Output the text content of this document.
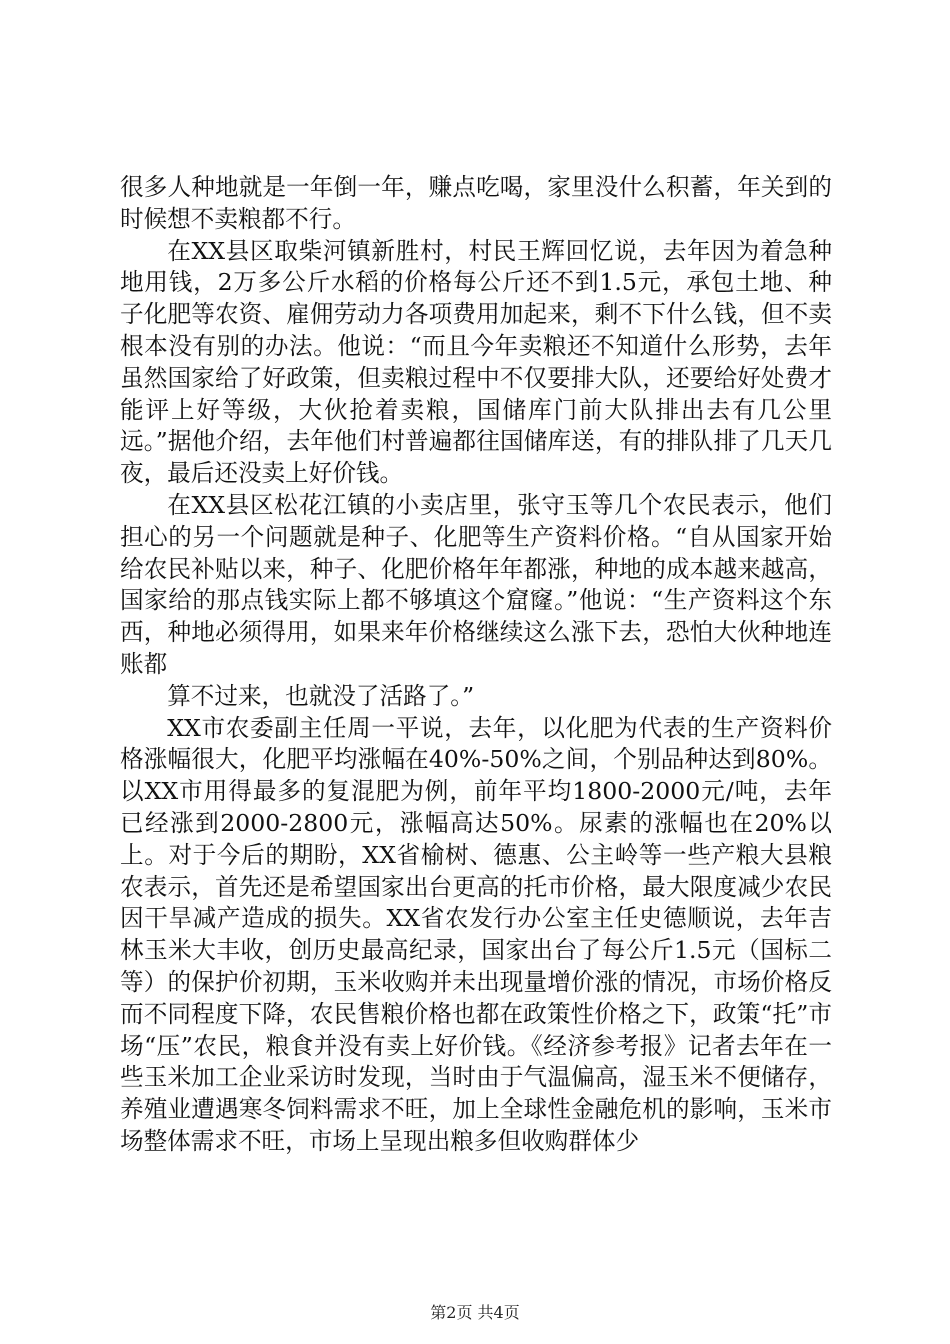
很多人种地就是一年倒一年，赚点吃喝，家里没什么积蓄，年关到的时候想不卖粮都不行。

在XX县区取柴河镇新胜村，村民王辉回忆说，去年因为着急种地用钱，2万多公斤水稻的价格每公斤还不到1.5元，承包土地、种子化肥等农资、雇佣劳动力各项费用加起来，剩不下什么钱，但不卖根本没有别的办法。他说：“而且今年卖粮还不知道什么形势，去年虽然国家给了好政策，但卖粮过程中不仅要排大队，还要给好处费才能评上好等级，大伙抢着卖粮，国储库门前大队排出去有几公里远。”据他介绍，去年他们村普遍都往国储库送，有的排队排了几天几夜，最后还没卖上好价钱。

在XX县区松花江镇的小卖店里，张守玉等几个农民表示，他们担心的另一个问题就是种子、化肥等生产资料价格。“自从国家开始给农民补贴以来，种子、化肥价格年年都涨，种地的成本越来越高，国家给的那点钱实际上都不够填这个窟窿。”他说：“生产资料这个东西，种地必须得用，如果来年价格继续这么涨下去，恐怕大伙种地连账都

算不过来，也就没了活路了。”

XX市农委副主任周一平说，去年，以化肥为代表的生产资料价格涨幅很大，化肥平均涨幅在40%-50%之间，个别品种达到80%。以XX市用得最多的复混肥为例，前年平均1800-2000元/吨，去年已经涨到2000-2800元，涨幅高达50%。尿素的涨幅也在20%以上。对于今后的期盼，XX省榆树、德惠、公主岭等一些产粮大县粮农表示，首先还是希望国家出台更高的托市价格，最大限度减少农民因干旱减产造成的损失。XX省农发行办公室主任史德顺说，去年吉林玉米大丰收，创历史最高纪录，国家出台了每公斤1.5元（国标二等）的保护价初期，玉米收购并未出现量增价涨的情况，市场价格反而不同程度下降，农民售粮价格也都在政策性价格之下，政策“托”市场“压”农民，粮食并没有卖上好价钱。《经济参考报》记者去年在一些玉米加工企业采访时发现，当时由于气温偏高，湿玉米不便储存，养殖业遭遇寒冬饲料需求不旺，加上全球性金融危机的影响，玉米市场整体需求不旺，市场上呈现出粮多但收购群体少

第2页 共4页
